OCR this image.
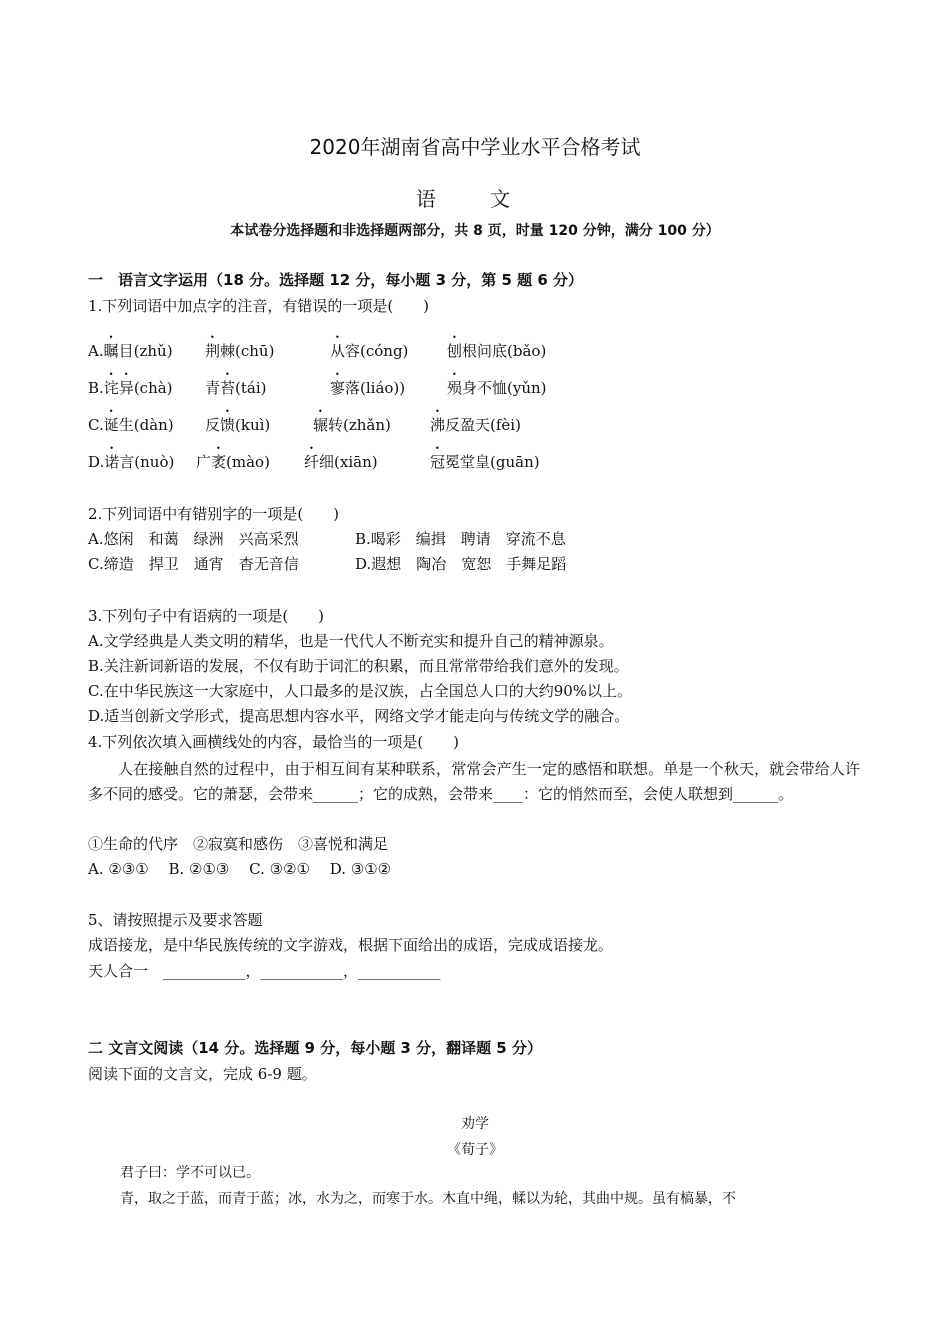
2020年湖南省高中学业水平合格考试
语 文
本试卷分选择题和非选择题两部分，共 8 页，时量 120 分钟，满分 100 分）
一　语言文字运用（18 分。选择题 12 分，每小题 3 分，第 5 题 6 分）
1.下列词语中加点字的注音，有错误的一项是(　　)
A.瞩目(zhǔ) 荆棘(chū)	从容(cóng)	刨根问底(bǎo)
B.诧异(chà) 青苔(tái)	寥落(liáo))	殒身不恤(yǔn)
C.诞生(dàn) 反馈(kuì)	辗转(zhǎn)	沸反盈天(fèi)
D.诺言(nuò) 广袤(mào) 纤细(xiān)	冠冕堂皇(guān)
2.下列词语中有错别字的一项是(　　)
A.悠闲　和蔼　绿洲　兴高采烈	B.喝彩　编揖　聘请　穿流不息
C.缔造　捍卫　通宵　杳无音信	D.遐想　陶冶　宽恕　手舞足蹈
3.下列句子中有语病的一项是(　　)
A.文学经典是人类文明的精华，也是一代代人不断充实和提升自己的精神源泉。
B.关注新词新语的发展，不仅有助于词汇的积累，而且常常带给我们意外的发现。
C.在中华民族这一大家庭中，人口最多的是汉族，占全国总人口的大约90%以上。
D.适当创新文学形式，提高思想内容水平，网络文学才能走向与传统文学的融合。
4.下列依次填入画横线处的内容，最恰当的一项是(　　)
人在接触自然的过程中，由于相互间有某种联系，常常会产生一定的感悟和联想。单是一个秋天，就会带给人许多不同的感受。它的萧瑟，会带来______；它的成熟，会带来____：它的悄然而至，会使人联想到______。
①生命的代序　②寂寞和感伤　③喜悦和满足
A. ②③①　 B. ②①③　 C. ③②①　 D. ③①②
5、请按照提示及要求答题
成语接龙，是中华民族传统的文字游戏，根据下面给出的成语，完成成语接龙。
天人合一　___________，___________，___________
二 文言文阅读（14 分。选择题 9 分，每小题 3 分，翻译题 5 分）
阅读下面的文言文，完成 6-9 题。
劝学
《荀子》
君子曰：学不可以已。
青，取之于蓝，而青于蓝；冰，水为之，而寒于水。木直中绳，輮以为轮，其曲中规。虽有槁暴，不
